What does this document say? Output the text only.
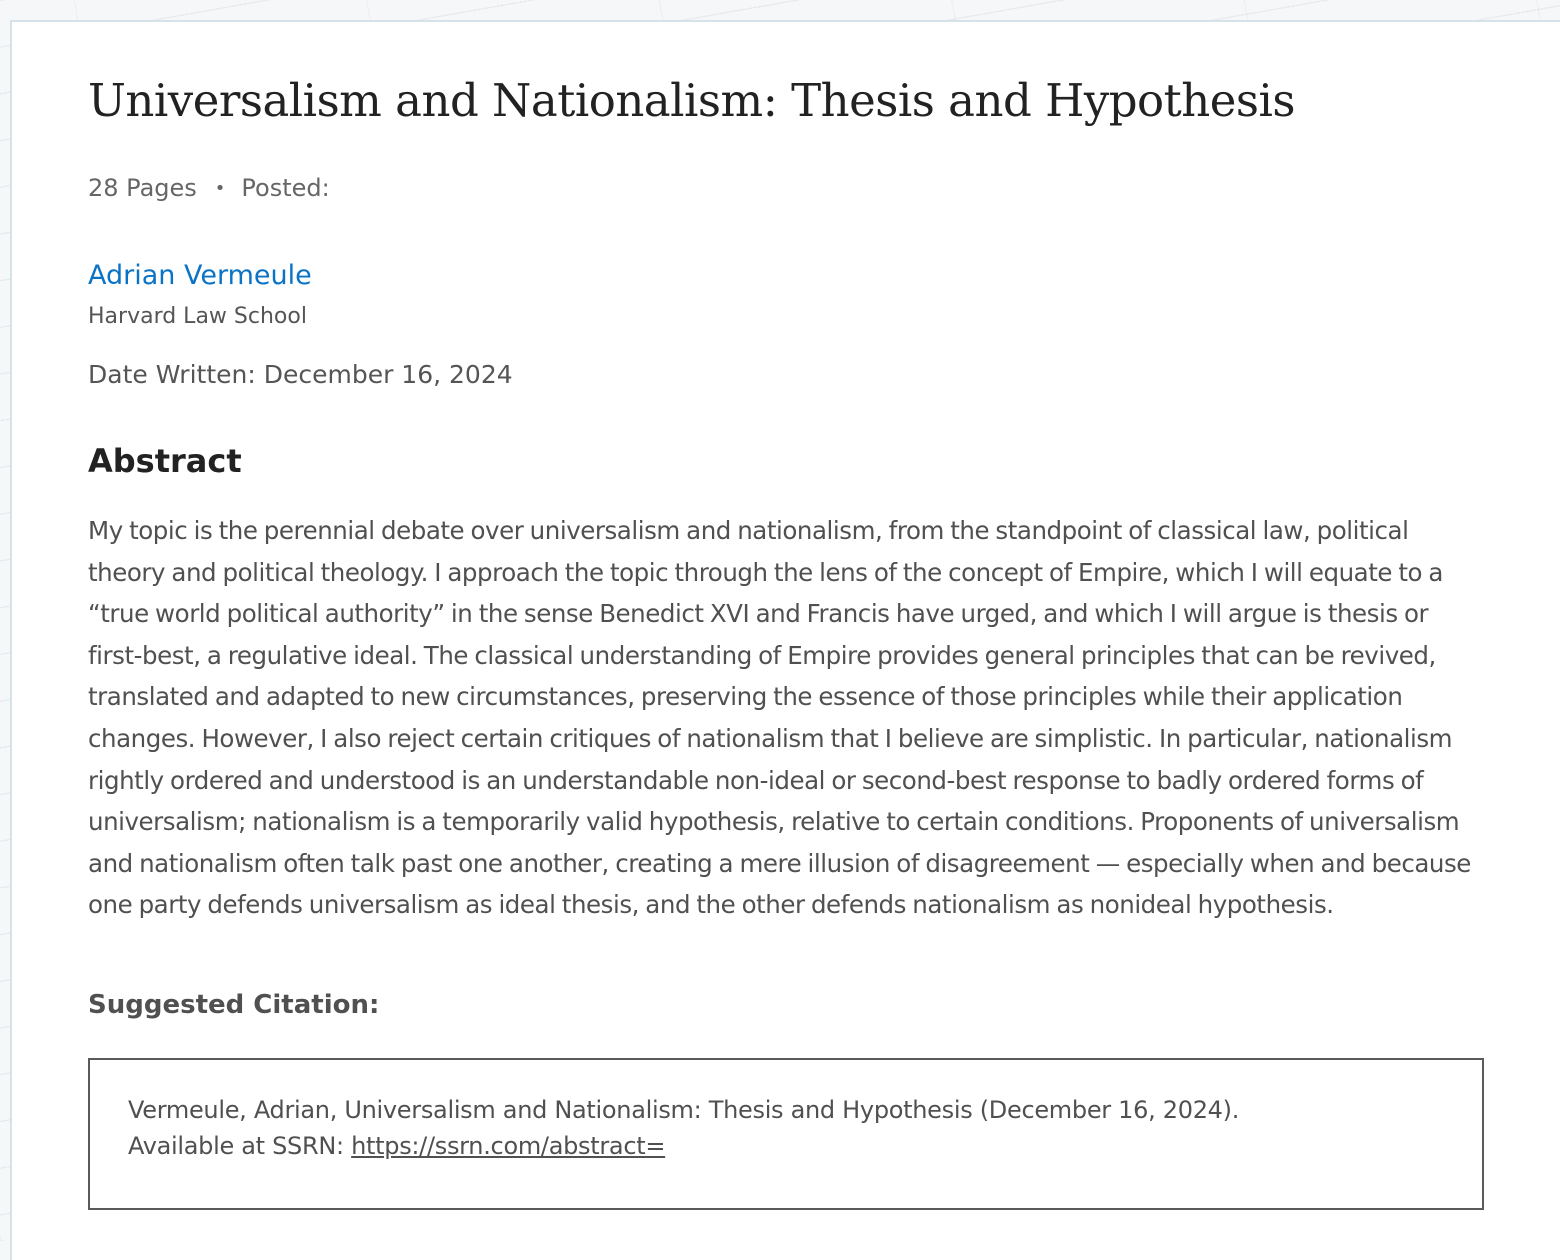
Universalism and Nationalism: Thesis and Hypothesis
28 Pages • Posted:
Adrian Vermeule
Harvard Law School
Date Written: December 16, 2024
Abstract

My topic is the perennial debate over universalism and nationalism, from the standpoint of classical law, political theory and political theology. I approach the topic through the lens of the concept of Empire, which I will equate to a “true world political authority” in the sense Benedict XVI and Francis have urged, and which I will argue is thesis or first-best, a regulative ideal. The classical understanding of Empire provides general principles that can be revived, translated and adapted to new circumstances, preserving the essence of those principles while their application changes. However, I also reject certain critiques of nationalism that I believe are simplistic. In particular, nationalism rightly ordered and understood is an understandable non-ideal or second-best response to badly ordered forms of universalism; nationalism is a temporarily valid hypothesis, relative to certain conditions. Proponents of universalism and nationalism often talk past one another, creating a mere illusion of disagreement — especially when and because one party defends universalism as ideal thesis, and the other defends nationalism as nonideal hypothesis.

Suggested Citation:
Vermeule, Adrian, Universalism and Nationalism: Thesis and Hypothesis (December 16, 2024).
Available at SSRN: https://ssrn.com/abstract=
